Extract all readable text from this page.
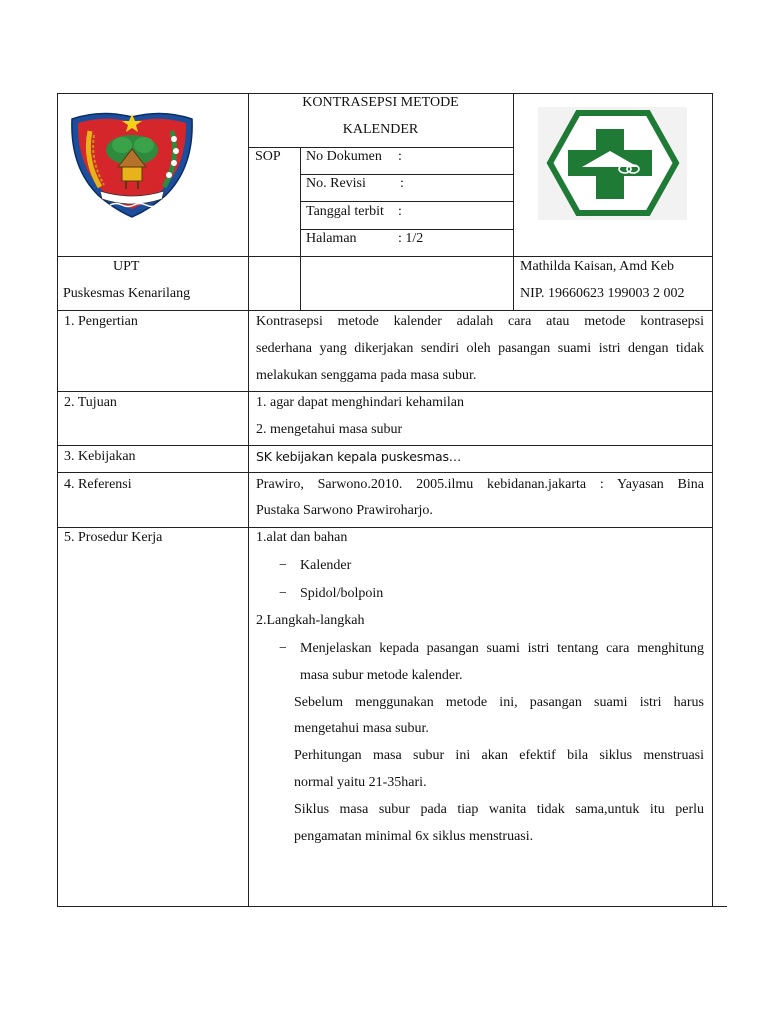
KONTRASEPSI METODE
KALENDER
SOP No Dokumen :
No. Revisi :
Tanggal terbit :
Halaman	: 1/2
UPT
Puskesmas Kenarilang
Mathilda Kaisan, Amd Keb
NIP. 19660623 199003 2 002
1. Pengertian	Kontrasepsi metode kalender adalah cara atau metode kontrasepsi
sederhana yang dikerjakan sendiri oleh pasangan suami istri dengan tidak
melakukan senggama pada masa subur.
2. Tujuan	1. agar dapat menghindari kehamilan
2. mengetahui masa subur
3. Kebijakan	SK kebijakan kepala puskesmas…
4. Referensi	Prawiro, Sarwono.2010. 2005.ilmu kebidanan.jakarta : Yayasan Bina
Pustaka Sarwono Prawiroharjo.
5. Prosedur Kerja	1.alat dan bahan
− Kalender
− Spidol/bolpoin
2.Langkah-langkah
− Menjelaskan kepada pasangan suami istri tentang cara menghitung
masa subur metode kalender.
Sebelum menggunakan metode ini, pasangan suami istri harus
mengetahui masa subur.
Perhitungan masa subur ini akan efektif bila siklus menstruasi
normal yaitu 21-35hari.
Siklus masa subur pada tiap wanita tidak sama,untuk itu perlu
pengamatan minimal 6x siklus menstruasi.
